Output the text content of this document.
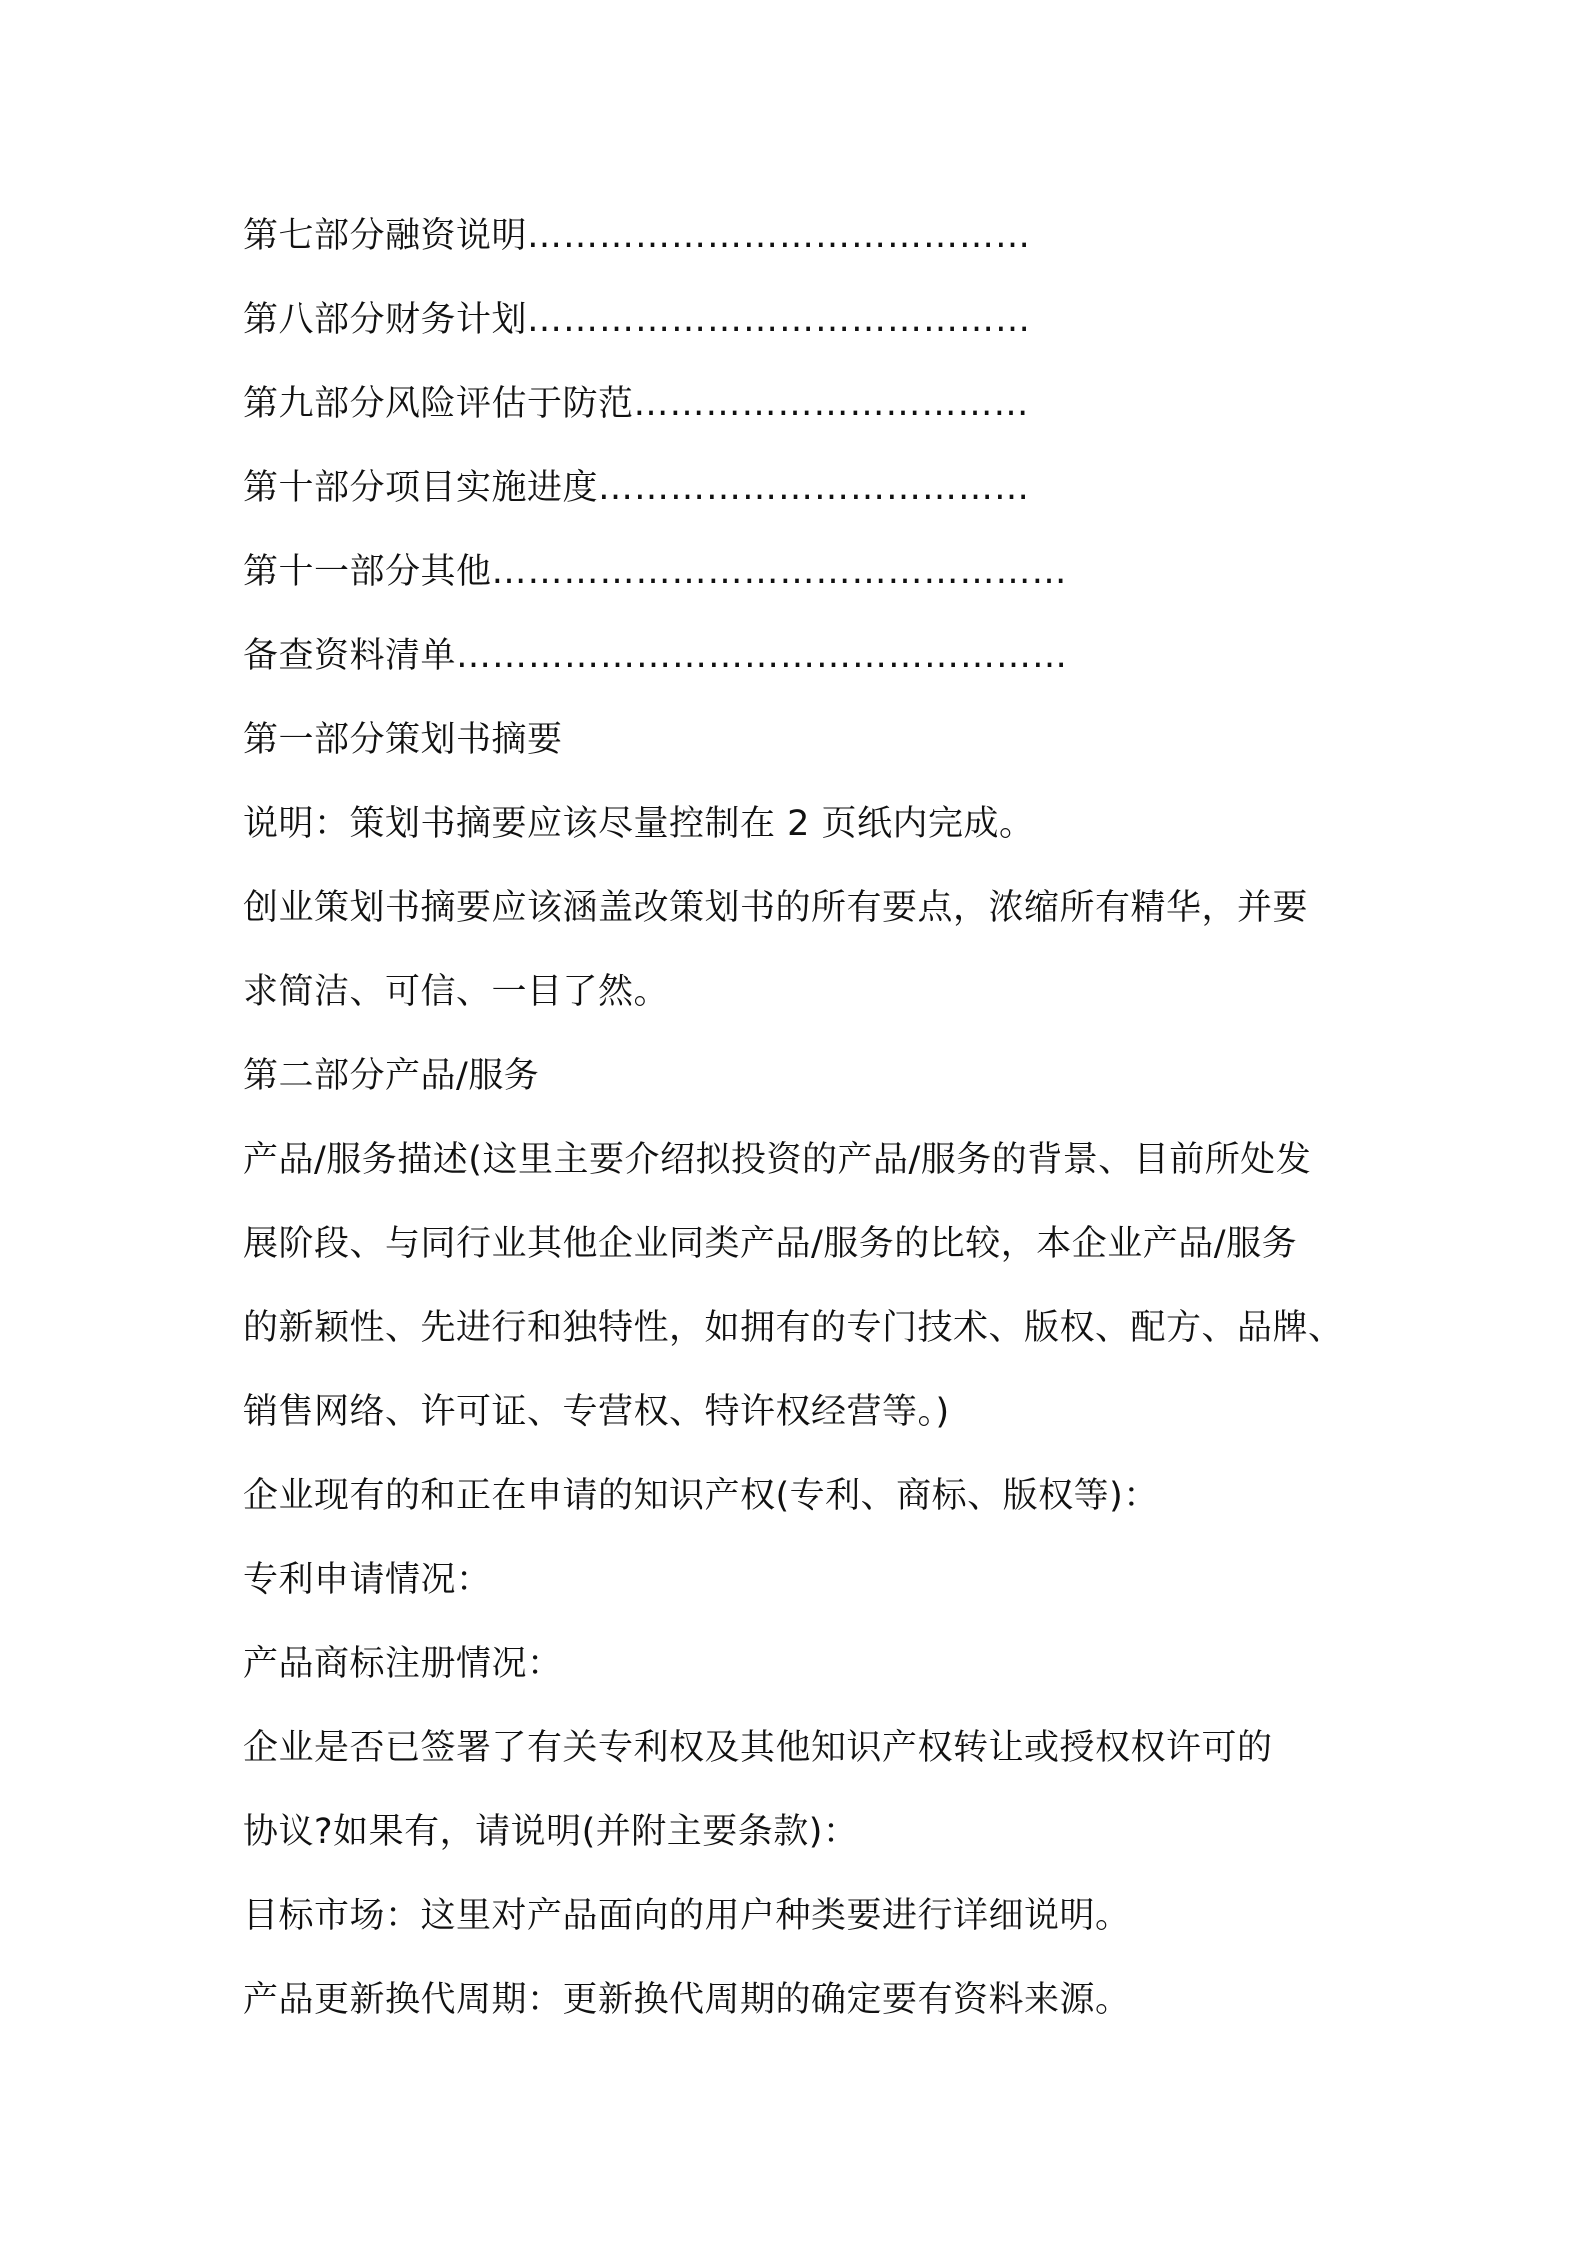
第七部分融资说明……………………………………
第八部分财务计划……………………………………
第九部分风险评估于防范……………………………
第十部分项目实施进度………………………………
第十一部分其他…………………………………………
备查资料清单……………………………………………
第一部分策划书摘要
说明：策划书摘要应该尽量控制在 2 页纸内完成。
创业策划书摘要应该涵盖改策划书的所有要点，浓缩所有精华，并要
求简洁、可信、一目了然。
第二部分产品/服务
产品/服务描述(这里主要介绍拟投资的产品/服务的背景、目前所处发
展阶段、与同行业其他企业同类产品/服务的比较，本企业产品/服务
的新颖性、先进行和独特性，如拥有的专门技术、版权、配方、品牌、
销售网络、许可证、专营权、特许权经营等。)
企业现有的和正在申请的知识产权(专利、商标、版权等)：
专利申请情况：
产品商标注册情况：
企业是否已签署了有关专利权及其他知识产权转让或授权权许可的
协议?如果有，请说明(并附主要条款)：
目标市场：这里对产品面向的用户种类要进行详细说明。
产品更新换代周期：更新换代周期的确定要有资料来源。
